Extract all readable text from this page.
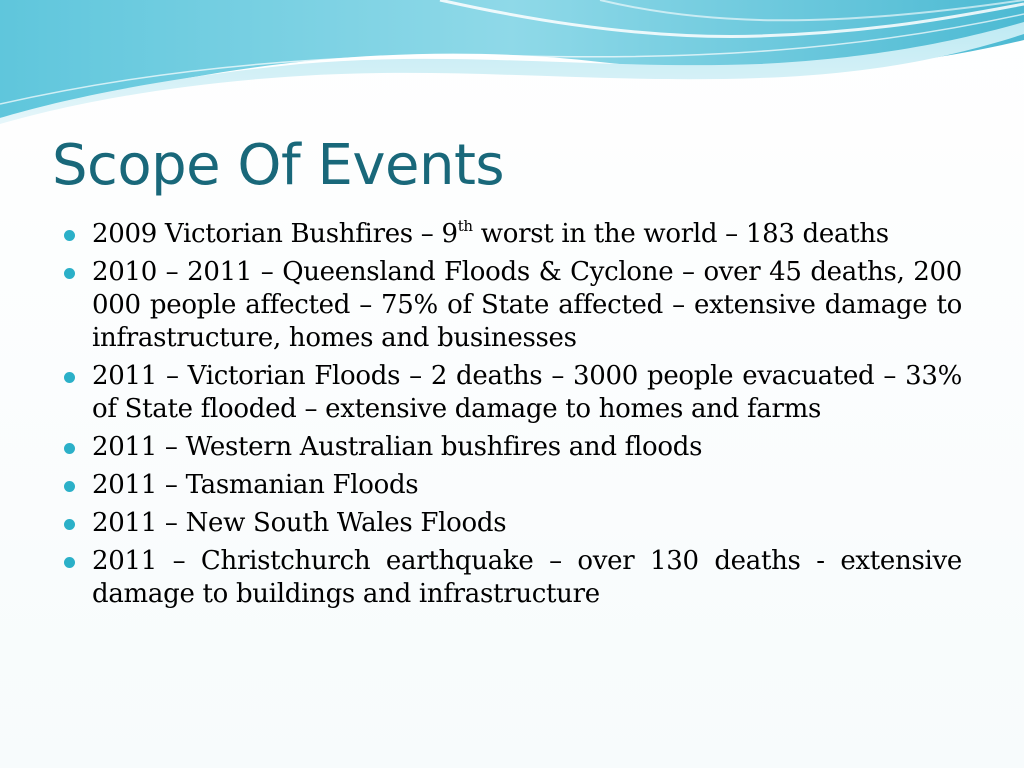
Scope Of Events
2009 Victorian Bushfires – 9th worst in the world – 183 deaths
2010 – 2011 – Queensland Floods & Cyclone – over 45 deaths, 200 000 people affected – 75% of State affected – extensive damage to infrastructure, homes and businesses
2011 – Victorian Floods – 2 deaths – 3000 people evacuated – 33% of State flooded – extensive damage to homes and farms
2011 – Western Australian bushfires and floods
2011 – Tasmanian Floods
2011 – New South Wales Floods
2011 – Christchurch earthquake – over 130 deaths - extensive damage to buildings and infrastructure
